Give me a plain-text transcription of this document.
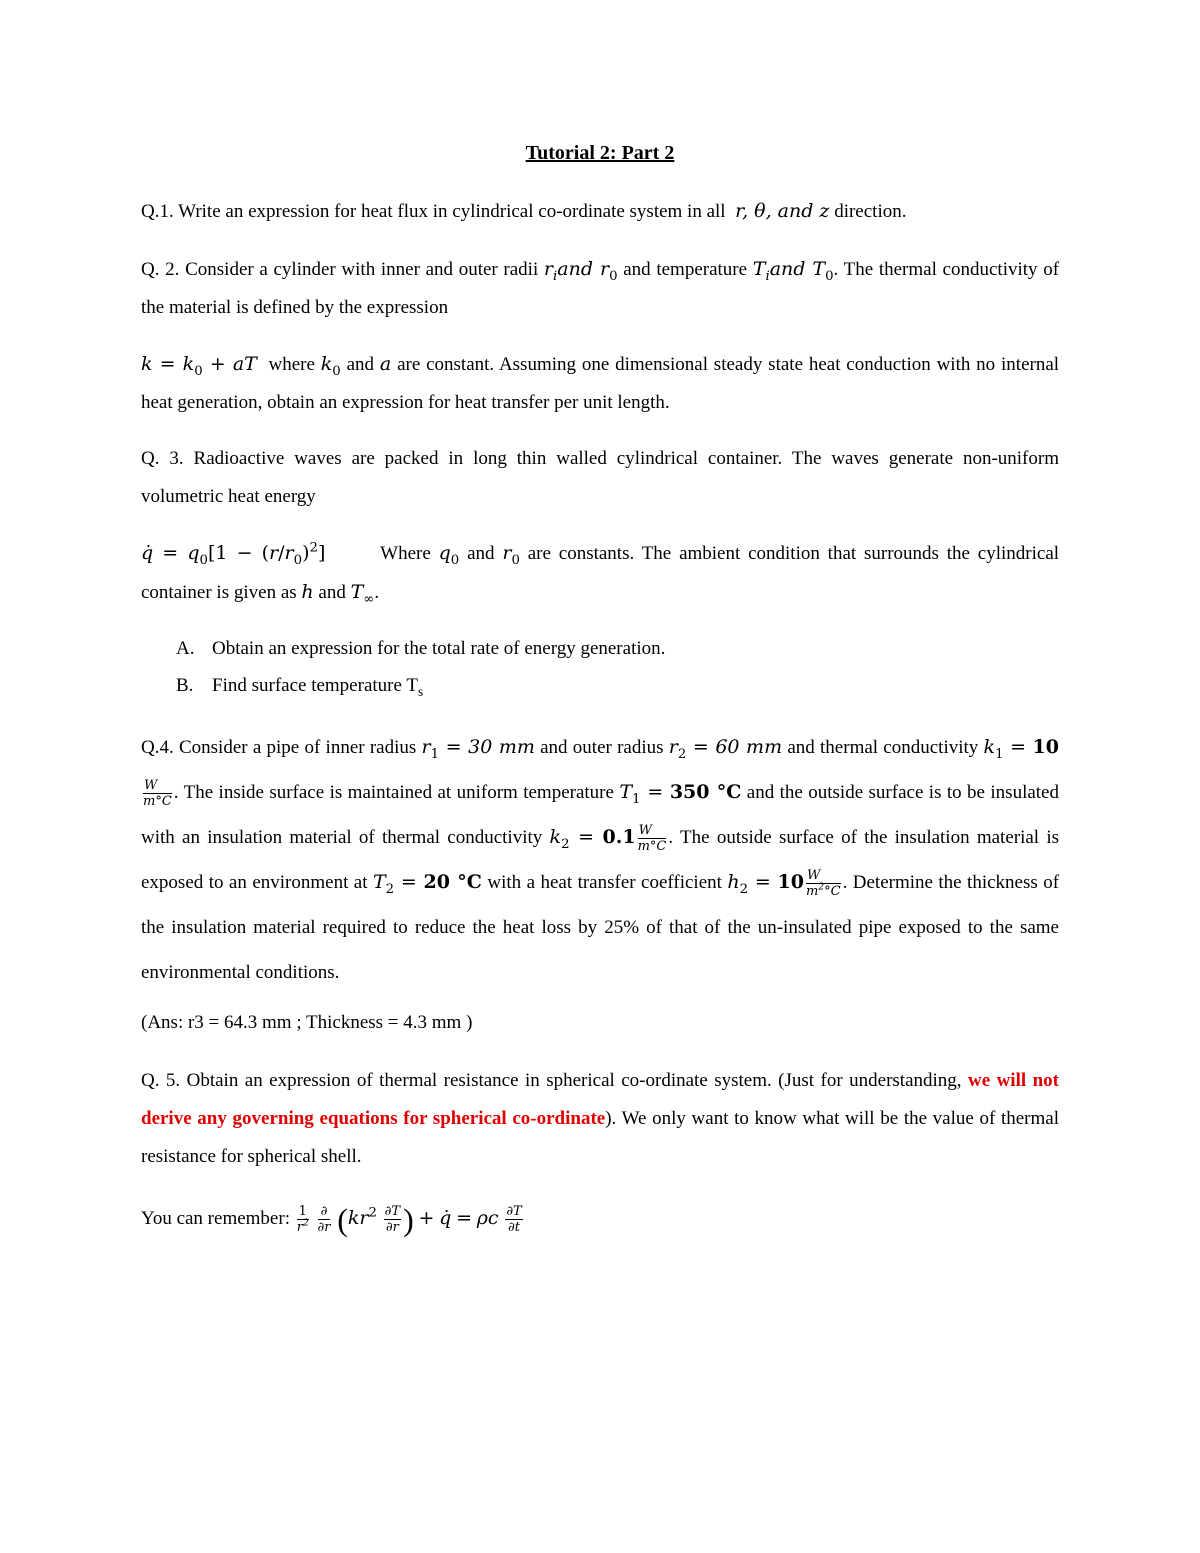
Tutorial 2: Part 2
Q.1. Write an expression for heat flux in cylindrical co-ordinate system in all r, θ, and z direction.
Q. 2. Consider a cylinder with inner and outer radii $r_iand$ $r_0$ and temperature $T_iand$ $T_0$. The thermal conductivity of the material is defined by the expression
$k = k_0$ + aT where $k_0$ and a are constant. Assuming one dimensional steady state heat conduction with no internal heat generation, obtain an expression for heat transfer per unit length.
Q. 3. Radioactive waves are packed in long thin walled cylindrical container. The waves generate non-uniform volumetric heat energy
q̇ = $q_0[1 - (r/r_0)^2]$	Where $q_0$ and $r_0$ are constants. The ambient condition that surrounds the cylindrical container is given as h and $T_\infty$.
A. Obtain an expression for the total rate of energy generation.
B. Find surface temperature $T_s$
Q.4. Consider a pipe of inner radius $r_1 = 30$ mm and outer radius $r_2 = 60$ mm and thermal conductivity $k_1 = 10$
$\frac{W}{m^\circ C}$ . The inside surface is maintained at uniform temperature $T_1 = 350$ °C and the outside surface is to be insulated with an insulation material of thermal conductivity $k_2 = 0.1 \frac{W}{m^\circ C}$ . The outside surface of the insulation material is exposed to an environment at $T_2 = 20$ °C with a heat transfer coefficient $h_2 = 10 \frac{W}{m^2^\circ C}$ . Determine the thickness of the insulation material required to reduce the heat loss by 25% of that of the un-insulated pipe exposed to the same environmental conditions.
(Ans: r3 = 64.3 mm ; Thickness = 4.3 mm )
Q. 5. Obtain an expression of thermal resistance in spherical co-ordinate system. (Just for understanding, we will not derive any governing equations for spherical co-ordinate). We only want to know what will be the value of thermal resistance for spherical shell.
You can remember: $\frac{1}{r^2}$
$\frac{\partial}{\partial r} (kr^2 \frac{\partial T}{\partial r}$ ) + q̇ = ρc $\frac{\partial T}{\partial t}$
